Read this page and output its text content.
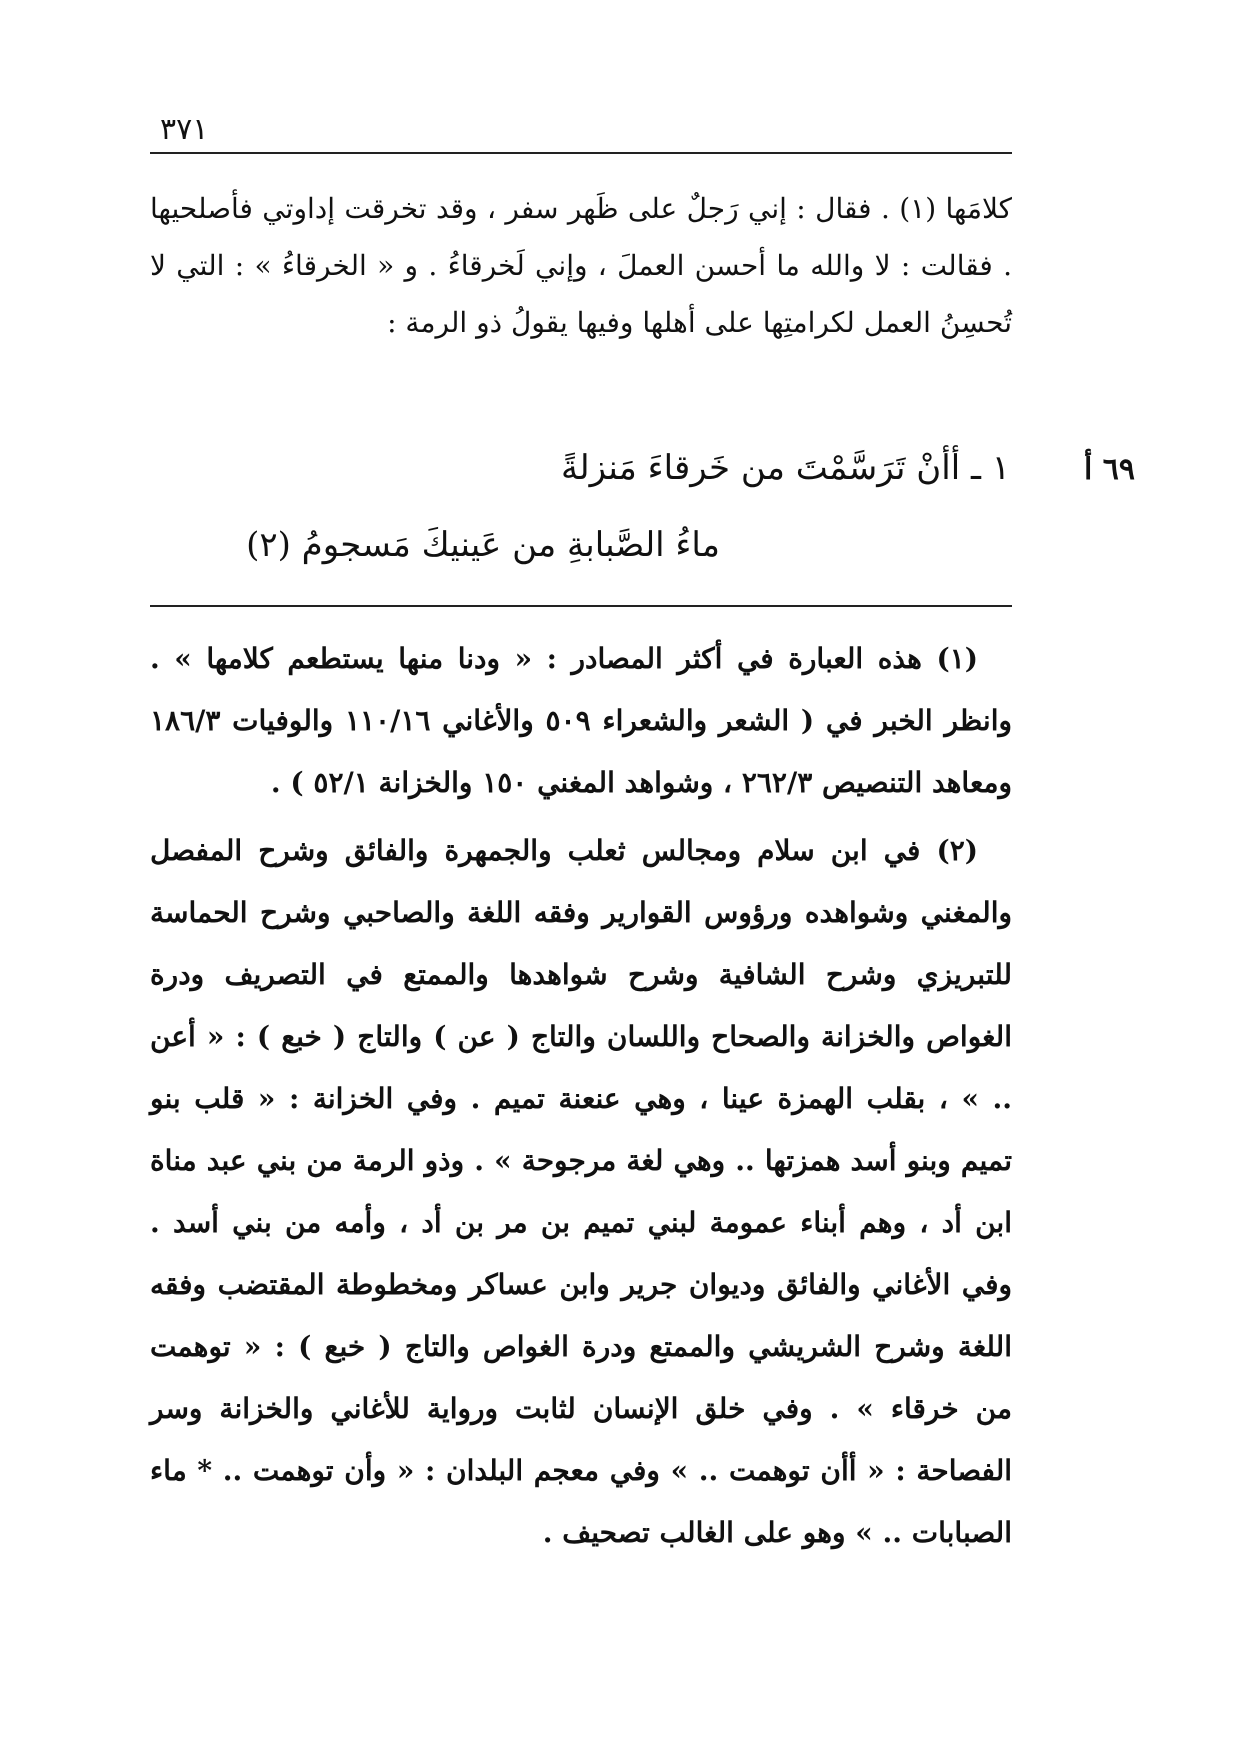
٣٧١

كلامَها (١) . فقال : إني رَجلٌ على ظَهر سفر ، وقد تخرقت إداوتي فأصلحيها . فقالت : لا والله ما أحسن العملَ ، وإني لَخرقاءُ . و « الخرقاءُ » : التي لا تُحسِنُ العمل لكرامتِها على أهلها وفيها يقولُ ذو الرمة :

٦٩ أ
١ ـ أأنْ تَرَسَّمْتَ من خَرقاءَ مَنزلةً
ماءُ الصَّبابةِ من عَينيكَ مَسجومُ (٢)

(١) هذه العبارة في أكثر المصادر : « ودنا منها يستطعم كلامها » . وانظر الخبر في ( الشعر والشعراء ٥٠٩ والأغاني ١١٠/١٦ والوفيات ١٨٦/٣ ومعاهد التنصيص ٢٦٢/٣ ، وشواهد المغني ١٥٠ والخزانة ٥٢/١ ) .

(٢) في ابن سلام ومجالس ثعلب والجمهرة والفائق وشرح المفصل والمغني وشواهده ورؤوس القوارير وفقه اللغة والصاحبي وشرح الحماسة للتبريزي وشرح الشافية وشرح شواهدها والممتع في التصريف ودرة الغواص والخزانة والصحاح واللسان والتاج ( عن ) والتاج ( خبع ) : « أعن .. » ، بقلب الهمزة عينا ، وهي عنعنة تميم . وفي الخزانة : « قلب بنو تميم وبنو أسد همزتها .. وهي لغة مرجوحة » . وذو الرمة من بني عبد مناة ابن أد ، وهم أبناء عمومة لبني تميم بن مر بن أد ، وأمه من بني أسد . وفي الأغاني والفائق وديوان جرير وابن عساكر ومخطوطة المقتضب وفقه اللغة وشرح الشريشي والممتع ودرة الغواص والتاج ( خبع ) : « توهمت من خرقاء » . وفي خلق الإنسان لثابت ورواية للأغاني والخزانة وسر الفصاحة : « أأن توهمت .. » وفي معجم البلدان : « وأن توهمت .. * ماء الصبابات .. » وهو على الغالب تصحيف .
